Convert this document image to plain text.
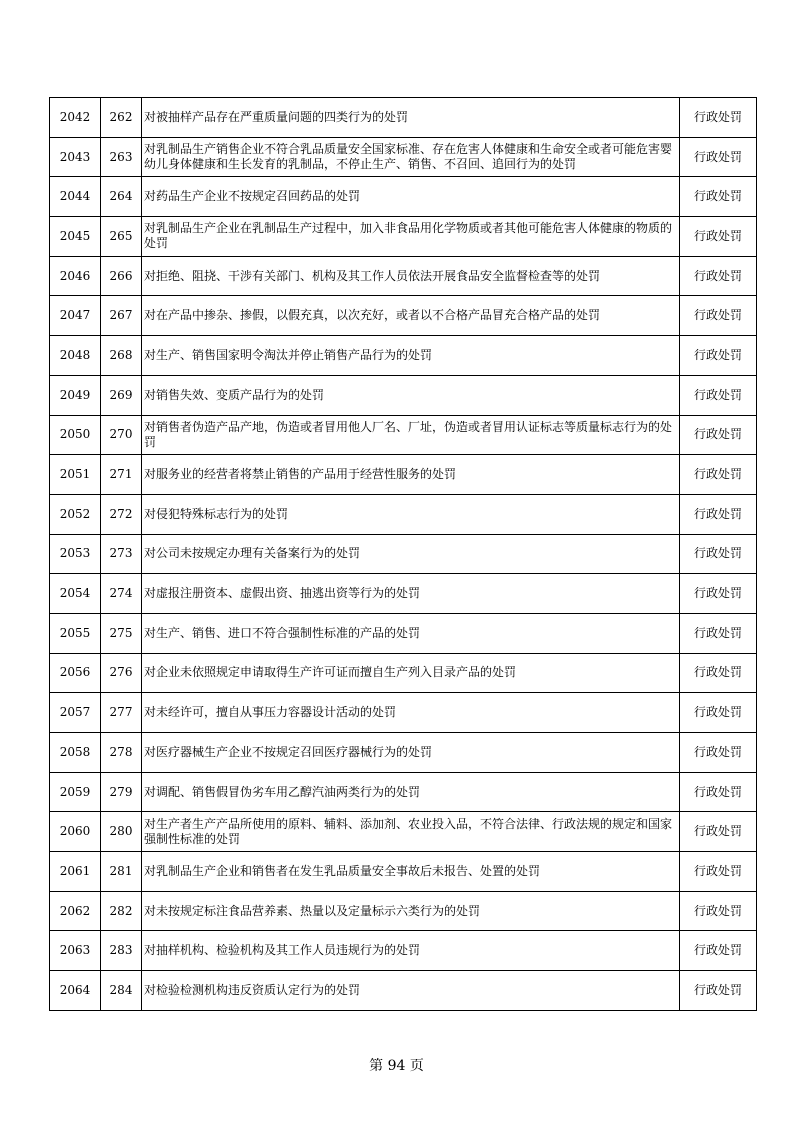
2042	262	对被抽样产品存在严重质量问题的四类行为的处罚	行政处罚
2043	263	对乳制品生产销售企业不符合乳品质量安全国家标准、存在危害人体健康和生命安全或者可能危害婴幼儿身体健康和生长发育的乳制品，不停止生产、销售、不召回、追回行为的处罚	行政处罚
2044	264	对药品生产企业不按规定召回药品的处罚	行政处罚
2045	265	对乳制品生产企业在乳制品生产过程中，加入非食品用化学物质或者其他可能危害人体健康的物质的处罚	行政处罚
2046	266	对拒绝、阻挠、干涉有关部门、机构及其工作人员依法开展食品安全监督检查等的处罚	行政处罚
2047	267	对在产品中掺杂、掺假，以假充真，以次充好，或者以不合格产品冒充合格产品的处罚	行政处罚
2048	268	对生产、销售国家明令淘汰并停止销售产品行为的处罚	行政处罚
2049	269	对销售失效、变质产品行为的处罚	行政处罚
2050	270	对销售者伪造产品产地，伪造或者冒用他人厂名、厂址，伪造或者冒用认证标志等质量标志行为的处罚	行政处罚
2051	271	对服务业的经营者将禁止销售的产品用于经营性服务的处罚	行政处罚
2052	272	对侵犯特殊标志行为的处罚	行政处罚
2053	273	对公司未按规定办理有关备案行为的处罚	行政处罚
2054	274	对虚报注册资本、虚假出资、抽逃出资等行为的处罚	行政处罚
2055	275	对生产、销售、进口不符合强制性标准的产品的处罚	行政处罚
2056	276	对企业未依照规定申请取得生产许可证而擅自生产列入目录产品的处罚	行政处罚
2057	277	对未经许可，擅自从事压力容器设计活动的处罚	行政处罚
2058	278	对医疗器械生产企业不按规定召回医疗器械行为的处罚	行政处罚
2059	279	对调配、销售假冒伪劣车用乙醇汽油两类行为的处罚	行政处罚
2060	280	对生产者生产产品所使用的原料、辅料、添加剂、农业投入品，不符合法律、行政法规的规定和国家强制性标准的处罚	行政处罚
2061	281	对乳制品生产企业和销售者在发生乳品质量安全事故后未报告、处置的处罚	行政处罚
2062	282	对未按规定标注食品营养素、热量以及定量标示六类行为的处罚	行政处罚
2063	283	对抽样机构、检验机构及其工作人员违规行为的处罚	行政处罚
2064	284	对检验检测机构违反资质认定行为的处罚	行政处罚
第 94 页
